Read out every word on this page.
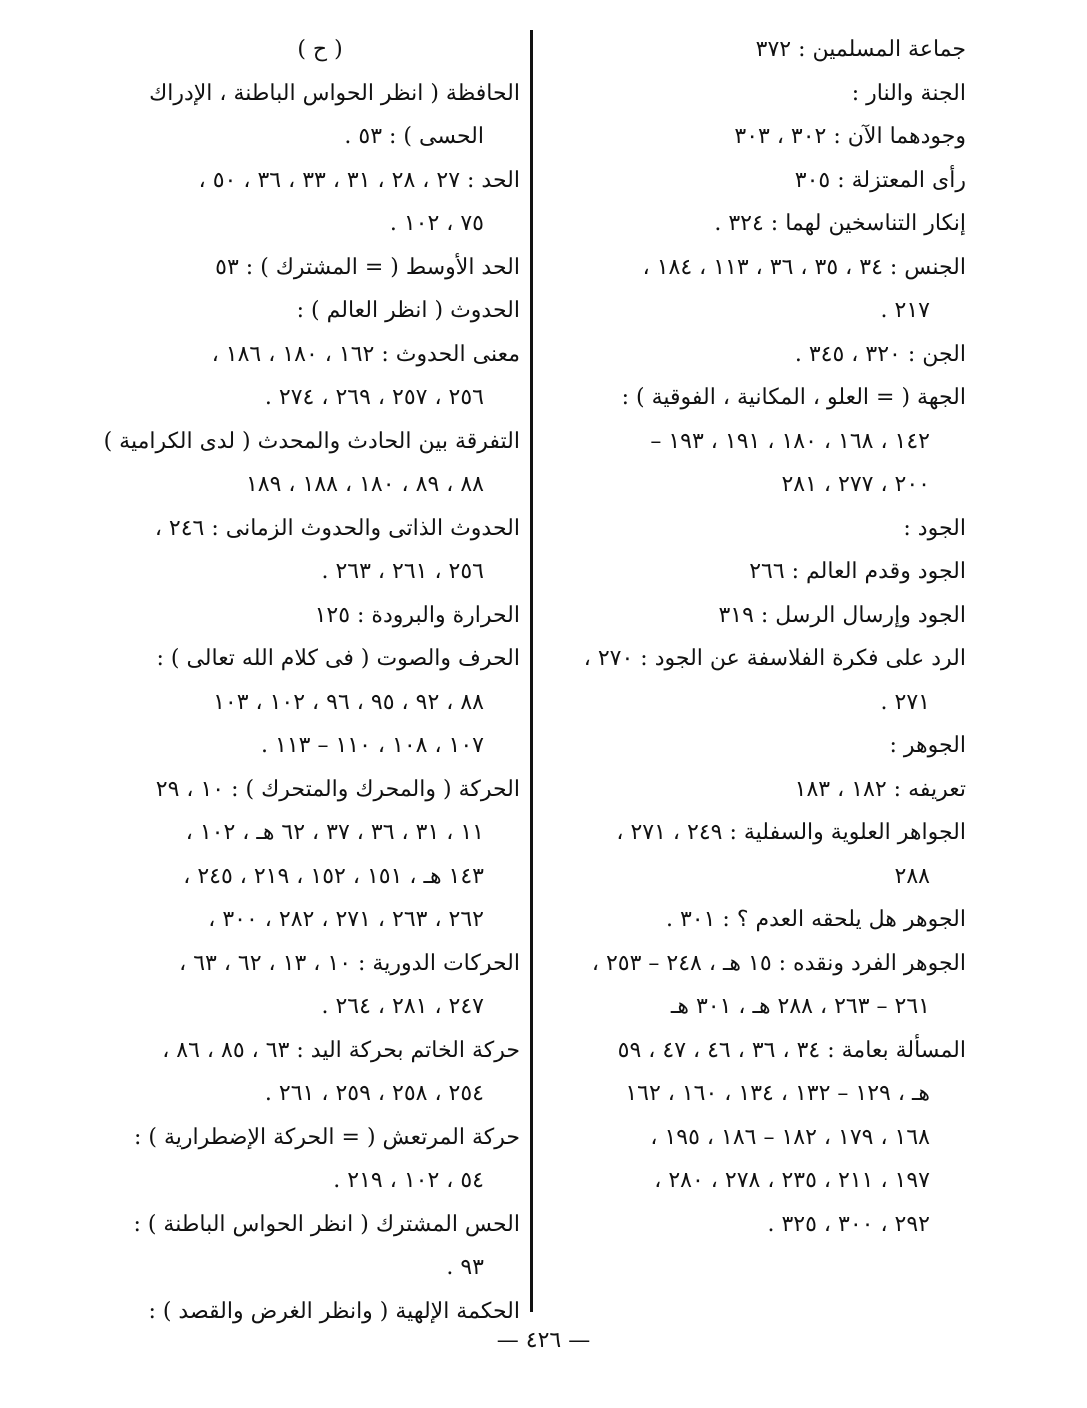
جماعة المسلمين : ٣٧٢
الجنة والنار :
وجودهما الآن : ٣٠٢ ، ٣٠٣
رأى المعتزلة : ٣٠٥
إنكار التناسخين لهما : ٣٢٤ .
الجنس : ٣٤ ، ٣٥ ، ٣٦ ، ١١٣ ، ١٨٤ ،
٢١٧ .
الجن : ٣٢٠ ، ٣٤٥ .
الجهة ( = العلو ، المكانية ، الفوقية ) :
١٤٢ ، ١٦٨ ، ١٨٠ ، ١٩١ ، ١٩٣ –
٢٠٠ ، ٢٧٧ ، ٢٨١
الجود :
الجود وقدم العالم : ٢٦٦
الجود وإرسال الرسل : ٣١٩
الرد على فكرة الفلاسفة عن الجود : ٢٧٠ ،
٢٧١ .
الجوهر :
تعريفه : ١٨٢ ، ١٨٣
الجواهر العلوية والسفلية : ٢٤٩ ، ٢٧١ ،
٢٨٨
الجوهر هل يلحقه العدم ؟ : ٣٠١ .
الجوهر الفرد ونقده : ١٥ هـ ، ٢٤٨ – ٢٥٣ ،
٢٦١ – ٢٦٣ ، ٢٨٨ هـ ، ٣٠١ هـ
المسألة بعامة : ٣٤ ، ٣٦ ، ٤٦ ، ٤٧ ، ٥٩
هـ ، ١٢٩ – ١٣٢ ، ١٣٤ ، ١٦٠ ، ١٦٢
١٦٨ ، ١٧٩ ، ١٨٢ – ١٨٦ ، ١٩٥ ،
١٩٧ ، ٢١١ ، ٢٣٥ ، ٢٧٨ ، ٢٨٠ ،
٢٩٢ ، ٣٠٠ ، ٣٢٥ .
( ح )
الحافظة ( انظر الحواس الباطنة ، الإدراك
الحسى ) : ٥٣ .
الحد : ٢٧ ، ٢٨ ، ٣١ ، ٣٣ ، ٣٦ ، ٥٠ ،
٧٥ ، ١٠٢ .
الحد الأوسط ( = المشترك ) : ٥٣
الحدوث ( انظر العالم ) :
معنى الحدوث : ١٦٢ ، ١٨٠ ، ١٨٦ ،
٢٥٦ ، ٢٥٧ ، ٢٦٩ ، ٢٧٤ .
التفرقة بين الحادث والمحدث ( لدى الكرامية )
٨٨ ، ٨٩ ، ١٨٠ ، ١٨٨ ، ١٨٩
الحدوث الذاتى والحدوث الزمانى : ٢٤٦ ،
٢٥٦ ، ٢٦١ ، ٢٦٣ .
الحرارة والبرودة : ١٢٥
الحرف والصوت ( فى كلام الله تعالى ) :
٨٨ ، ٩٢ ، ٩٥ ، ٩٦ ، ١٠٢ ، ١٠٣
١٠٧ ، ١٠٨ ، ١١٠ – ١١٣ .
الحركة ( والمحرك والمتحرك ) : ١٠ ، ٢٩
١١ ، ٣١ ، ٣٦ ، ٣٧ ، ٦٢ هـ ، ١٠٢ ،
١٤٣ هـ ، ١٥١ ، ١٥٢ ، ٢١٩ ، ٢٤٥ ،
٢٦٢ ، ٢٦٣ ، ٢٧١ ، ٢٨٢ ، ٣٠٠ ،
الحركات الدورية : ١٠ ، ١٣ ، ٦٢ ، ٦٣ ،
٢٤٧ ، ٢٨١ ، ٢٦٤ .
حركة الخاتم بحركة اليد : ٦٣ ، ٨٥ ، ٨٦ ،
٢٥٤ ، ٢٥٨ ، ٢٥٩ ، ٢٦١ .
حركة المرتعش ( = الحركة الإضطرارية ) :
٥٤ ، ١٠٢ ، ٢١٩ .
الحس المشترك ( انظر الحواس الباطنة ) :
٩٣ .
الحكمة الإلهية ( وانظر الغرض والقصد ) :
— ٤٢٦ —
